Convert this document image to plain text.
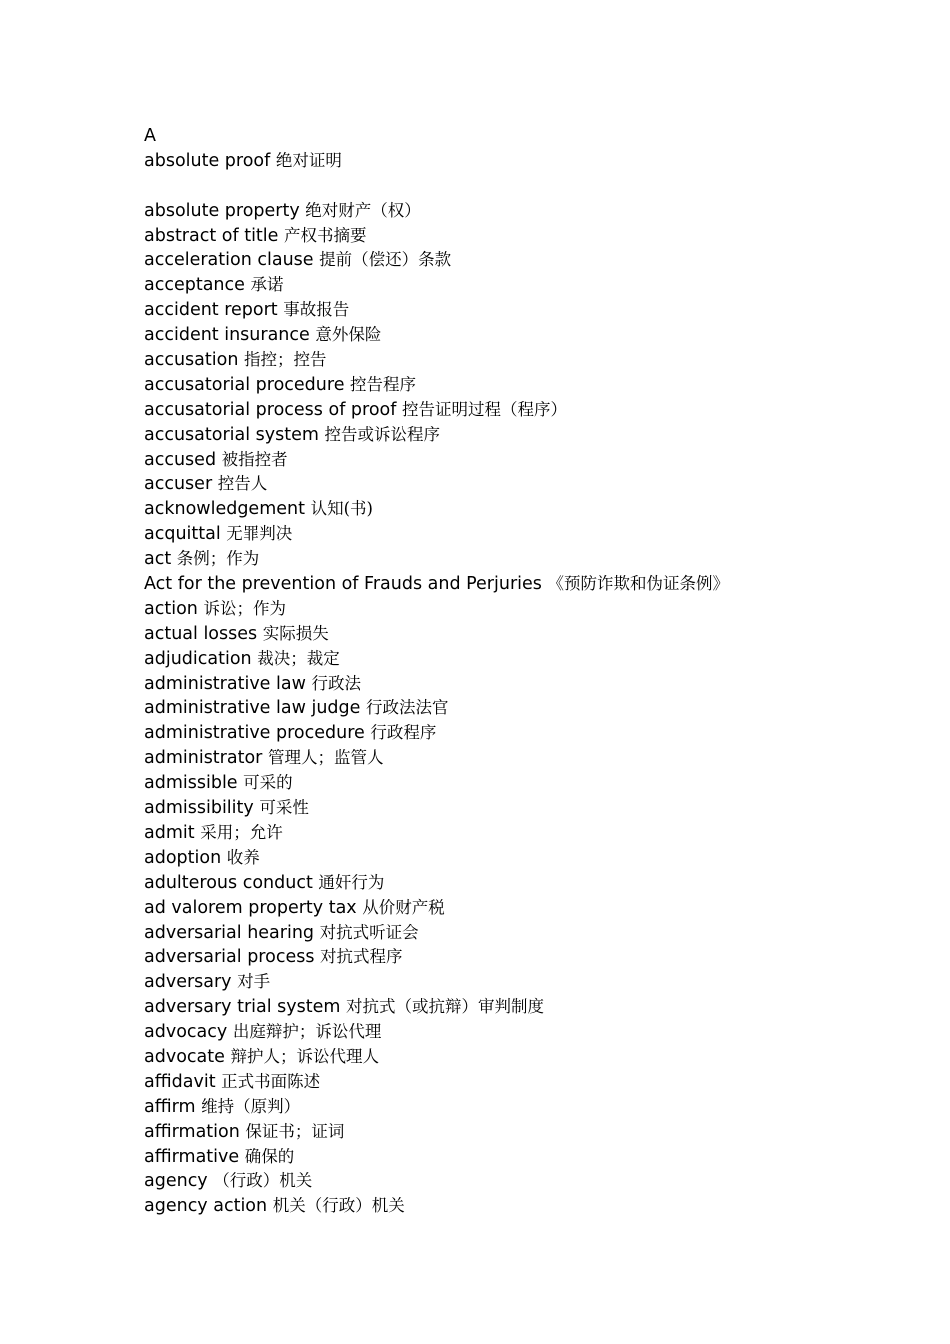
A
absolute proof 绝对证明
absolute property 绝对财产（权）
abstract of title 产权书摘要
acceleration clause 提前（偿还）条款
acceptance 承诺
accident report 事故报告
accident insurance 意外保险
accusation 指控；控告
accusatorial procedure 控告程序
accusatorial process of proof 控告证明过程（程序）
accusatorial system 控告或诉讼程序
accused 被指控者
accuser 控告人
acknowledgement 认知(书)
acquittal 无罪判决
act 条例；作为
Act for the prevention of Frauds and Perjuries 《预防诈欺和伪证条例》
action 诉讼；作为
actual losses 实际损失
adjudication 裁决；裁定
administrative law 行政法
administrative law judge 行政法法官
administrative procedure 行政程序
administrator 管理人；监管人
admissible 可采的
admissibility 可采性
admit 采用；允许
adoption 收养
adulterous conduct 通奸行为
ad valorem property tax 从价财产税
adversarial hearing 对抗式听证会
adversarial process 对抗式程序
adversary 对手
adversary trial system 对抗式（或抗辩）审判制度
advocacy 出庭辩护；诉讼代理
advocate 辩护人；诉讼代理人
affidavit 正式书面陈述
affirm 维持（原判）
affirmation 保证书；证词
affirmative 确保的
agency （行政）机关
agency action 机关（行政）机关
